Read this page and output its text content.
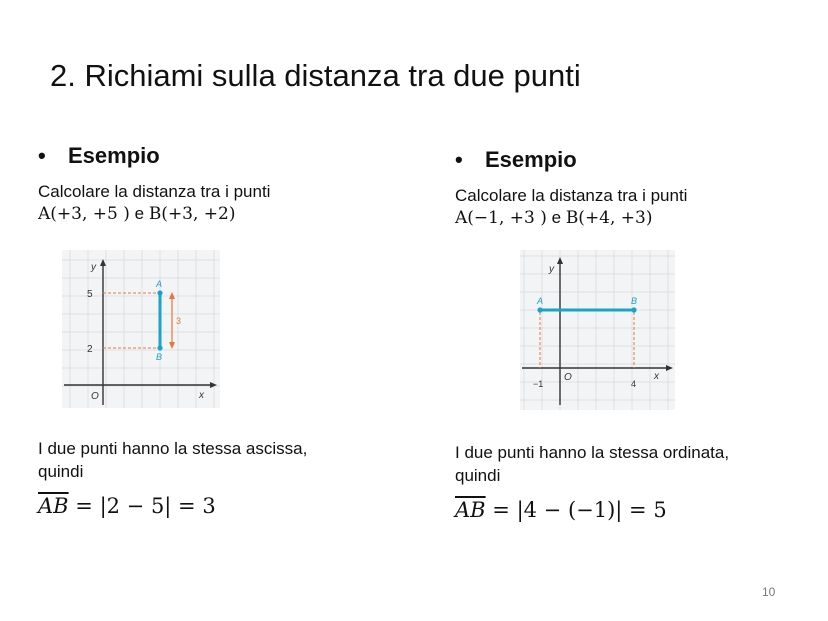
2. Richiami sulla distanza tra due punti
• Esempio
Calcolare la distanza tra i punti
A(+3, +5 ) e B(+3, +2)
y
x
O
5
2
A
B
3
I due punti hanno la stessa ascissa,
quindi
$\overline{AB} = |2 - 5| = 3$
• Esempio
Calcolare la distanza tra i punti
A(−1, +3 ) e B(+4, +3)
y
x
O
−1	4
A	B
I due punti hanno la stessa ordinata,
quindi
$\overline{AB} = |4 - (-1)| = 5$
10
